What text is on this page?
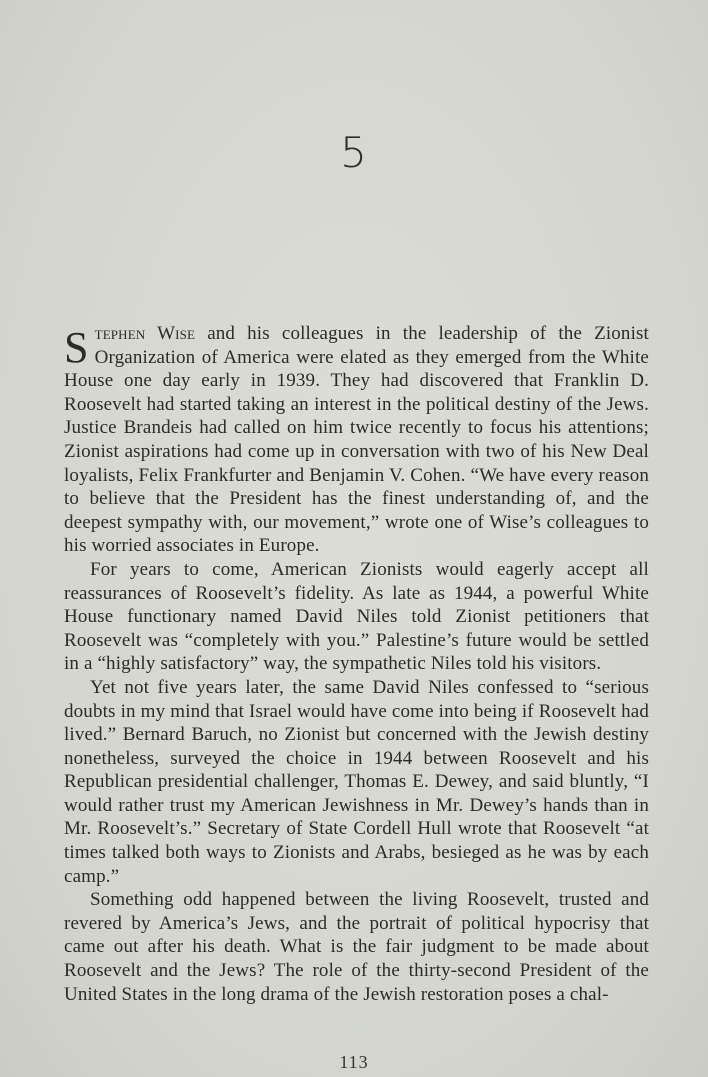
5

Stephen Wise and his colleagues in the leadership of the Zionist Organization of America were elated as they emerged from the White House one day early in 1939. They had discovered that Franklin D. Roosevelt had started taking an interest in the political destiny of the Jews. Justice Brandeis had called on him twice recently to focus his attentions; Zionist aspirations had come up in conversation with two of his New Deal loyalists, Felix Frankfurter and Benjamin V. Cohen. “We have every reason to believe that the President has the finest understanding of, and the deepest sympathy with, our movement,” wrote one of Wise’s colleagues to his worried associates in Europe.

For years to come, American Zionists would eagerly accept all reassurances of Roosevelt’s fidelity. As late as 1944, a powerful White House functionary named David Niles told Zionist petitioners that Roosevelt was “completely with you.” Palestine’s future would be settled in a “highly satisfactory” way, the sympathetic Niles told his visitors.

Yet not five years later, the same David Niles confessed to “serious doubts in my mind that Israel would have come into being if Roosevelt had lived.” Bernard Baruch, no Zionist but concerned with the Jewish destiny nonetheless, surveyed the choice in 1944 between Roosevelt and his Republican presidential challenger, Thomas E. Dewey, and said bluntly, “I would rather trust my American Jewishness in Mr. Dewey’s hands than in Mr. Roosevelt’s.” Secretary of State Cordell Hull wrote that Roosevelt “at times talked both ways to Zionists and Arabs, besieged as he was by each camp.”

Something odd happened between the living Roosevelt, trusted and revered by America’s Jews, and the portrait of political hypocrisy that came out after his death. What is the fair judgment to be made about Roosevelt and the Jews? The role of the thirty-second President of the United States in the long drama of the Jewish restoration poses a chal-

113
